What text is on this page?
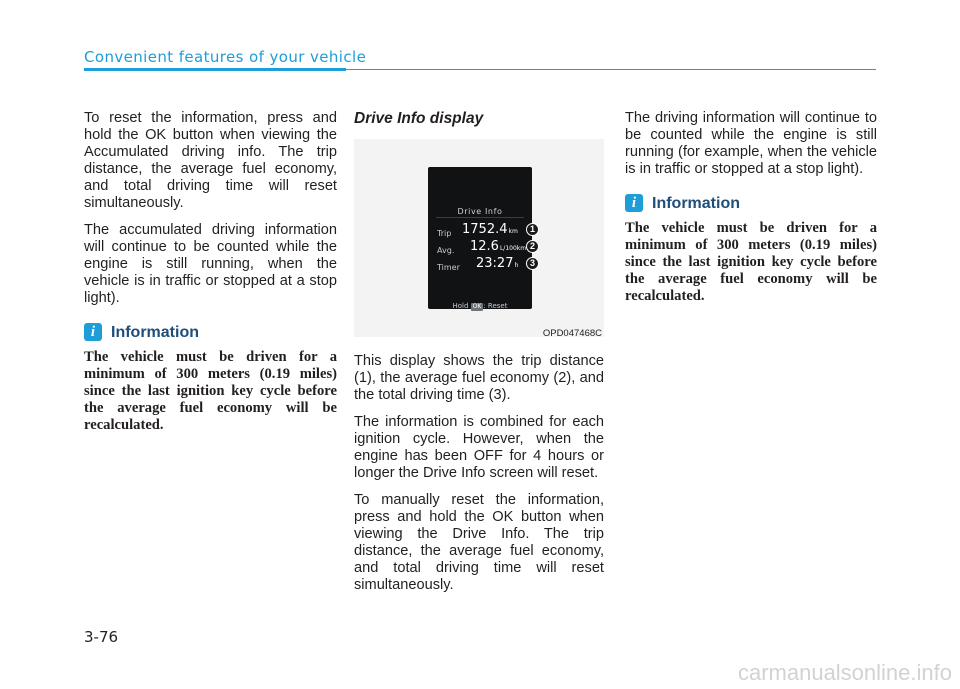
Convenient features of your vehicle

To reset the information, press and hold the OK button when viewing the Accumulated driving info. The trip distance, the average fuel economy, and total driving time will reset simultaneously.

The accumulated driving information will continue to be counted while the engine is still running, when the vehicle is in traffic or stopped at a stop light).

i Information

The vehicle must be driven for a minimum of 300 meters (0.19 miles) since the last ignition key cycle before the average fuel economy will be recalculated.

Drive Info display
Drive Info
Trip 1752.4km
Avg. 12.6L/100km
Timer 23:27h
Hold OK : Reset
1
2
3
OPD047468C

This display shows the trip distance (1), the average fuel economy (2), and the total driving time (3).

The information is combined for each ignition cycle. However, when the engine has been OFF for 4 hours or longer the Drive Info screen will reset.

To manually reset the information, press and hold the OK button when viewing the Drive Info. The trip distance, the average fuel economy, and total driving time will reset simultaneously.

The driving information will continue to be counted while the engine is still running (for example, when the vehicle is in traffic or stopped at a stop light).

i Information

The vehicle must be driven for a minimum of 300 meters (0.19 miles) since the last ignition key cycle before the average fuel economy will be recalculated.

3-76
carmanualsonline.info
